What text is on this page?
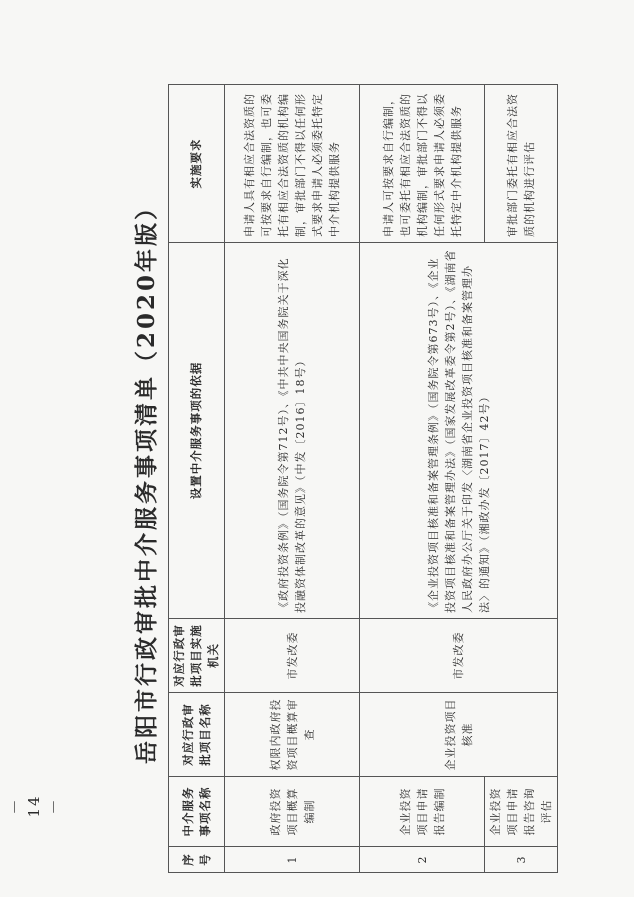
岳阳市行政审批中介服务事项清单（2020年版）
序号	中介服务事项名称	对应行政审批项目名称	对应行政审批项目实施机关	设置中介服务事项的依据	实施要求
1	政府投资项目概算编制	权限内政府投资项目概算审查	市发改委	《政府投资条例》（国务院令第712号）、《中共中央国务院关于深化投融资体制改革的意见》（中发〔2016〕18号）	申请人具有相应合法资质的可按要求自行编制，也可委托有相应合法资质的机构编制，审批部门不得以任何形式要求申请人必须委托特定中介机构提供服务
2	企业投资项目申请报告编制	企业投资项目核准	市发改委	《企业投资项目核准和备案管理条例》（国务院令第673号）、《企业投资项目核准和备案管理办法》（国家发展改革委令第2号）、《湖南省人民政府办公厅关于印发〈湖南省企业投资项目核准和备案管理办法〉的通知》（湘政办发〔2017〕42号）	申请人可按要求自行编制，也可委托有相应合法资质的机构编制，审批部门不得以任何形式要求申请人必须委托特定中介机构提供服务
3	企业投资项目申请报告咨询评估				审批部门委托有相应合法资质的机构进行评估
－ 14 －
